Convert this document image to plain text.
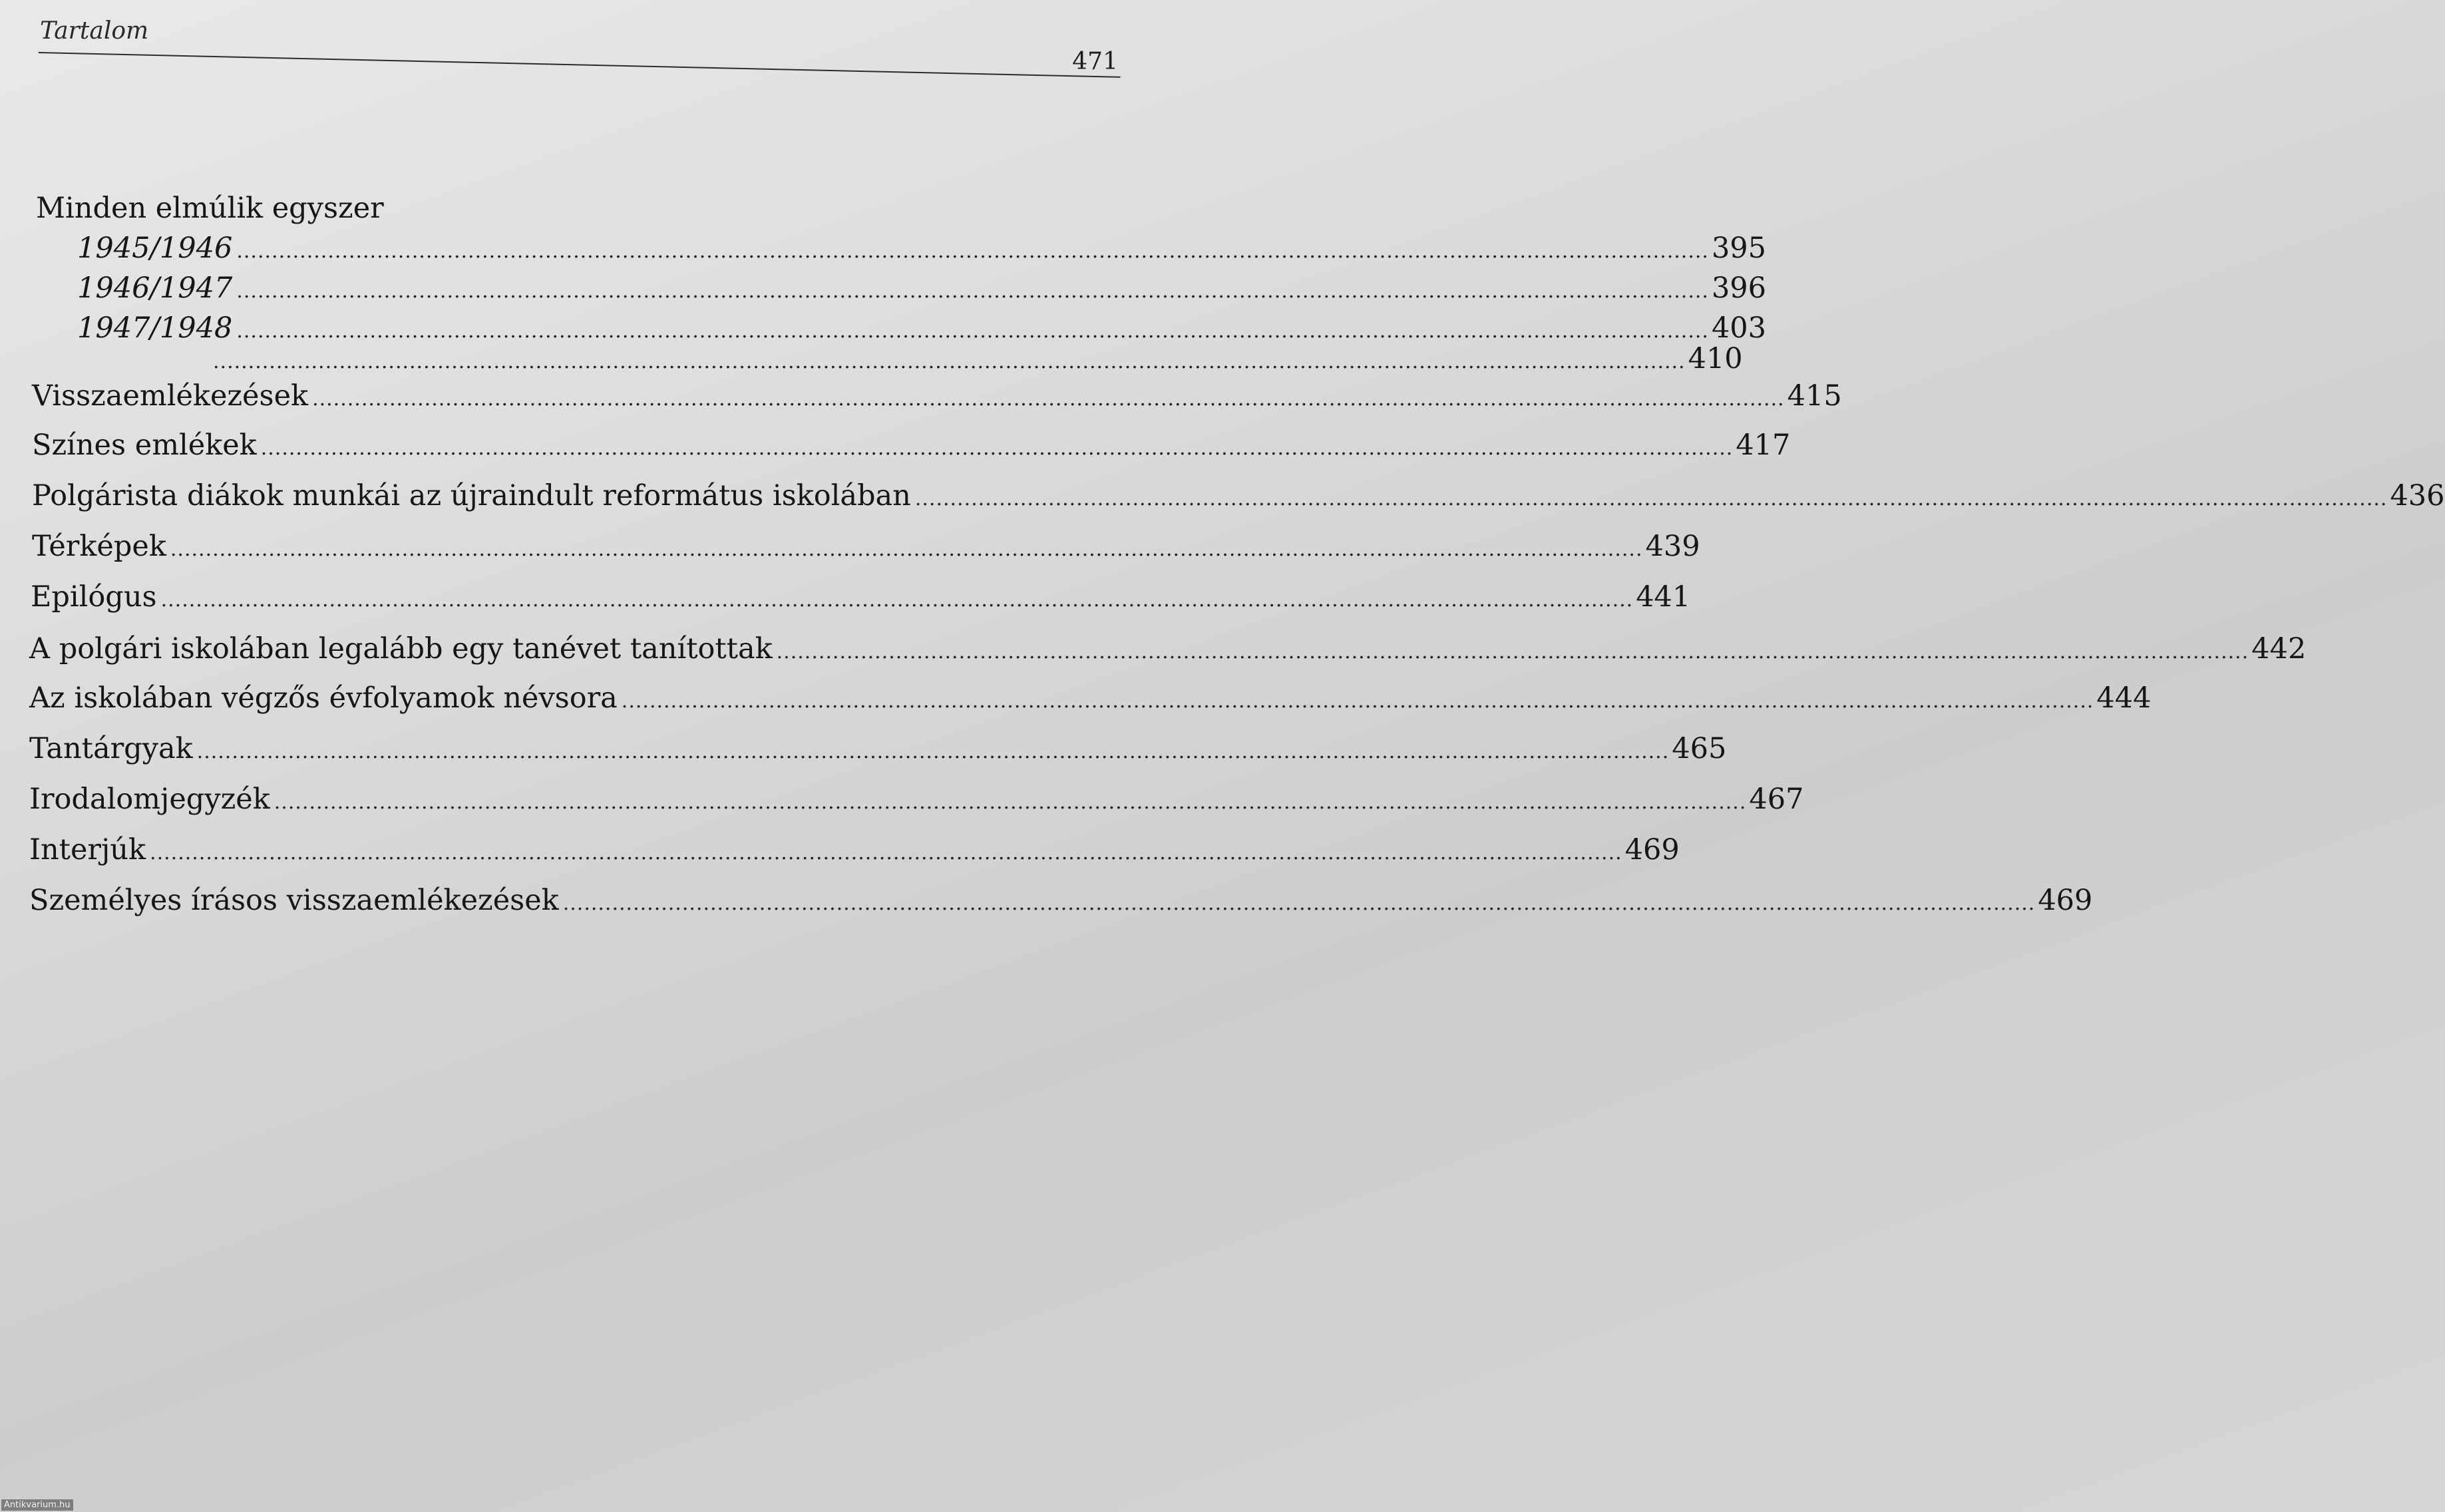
Tartalom
471
Minden elmúlik egyszer
1945/1946 .................................................................................................................................................................................................................. 395
1946/1947 .................................................................................................................................................................................................................. 396
1947/1948 .................................................................................................................................................................................................................. 403
.................................................................................................................................................................................................................. 410
Visszaemlékezések .................................................................................................................................................................................................................. 415
Színes emlékek .................................................................................................................................................................................................................. 417
Polgárista diákok munkái az újraindult református iskolában .................................................................................................................................................................................................................. 436
Térképek .................................................................................................................................................................................................................. 439
Epilógus .................................................................................................................................................................................................................. 441
A polgári iskolában legalább egy tanévet tanítottak .................................................................................................................................................................................................................. 442
Az iskolában végzős évfolyamok névsora .................................................................................................................................................................................................................. 444
Tantárgyak .................................................................................................................................................................................................................. 465
Irodalomjegyzék .................................................................................................................................................................................................................. 467
Interjúk .................................................................................................................................................................................................................. 469
Személyes írásos visszaemlékezések .................................................................................................................................................................................................................. 469
Antikvarium.hu
